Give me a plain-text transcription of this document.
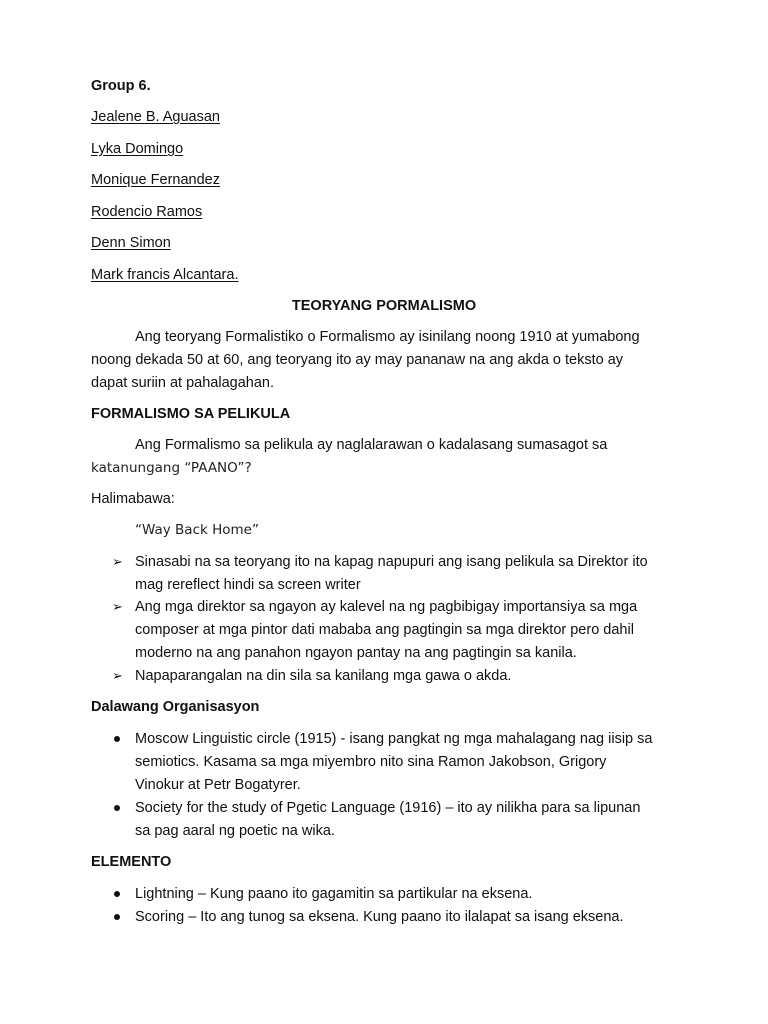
Group 6.
Jealene B. Aguasan
Lyka Domingo
Monique Fernandez
Rodencio Ramos
Denn Simon
Mark francis Alcantara.
TEORYANG PORMALISMO
Ang teoryang Formalistiko o Formalismo ay isinilang noong 1910 at yumabong
noong dekada 50 at 60, ang teoryang ito ay may pananaw na ang akda o teksto ay
dapat suriin at pahalagahan.
FORMALISMO SA PELIKULA
Ang Formalismo sa pelikula ay naglalarawan o kadalasang sumasagot sa
katanungang “PAANO”?
Halimabawa:
“Way Back Home”
➢ Sinasabi na sa teoryang ito na kapag napupuri ang isang pelikula sa Direktor ito
mag rereflect hindi sa screen writer
➢ Ang mga direktor sa ngayon ay kalevel na ng pagbibigay importansiya sa mga
composer at mga pintor dati mababa ang pagtingin sa mga direktor pero dahil
moderno na ang panahon ngayon pantay na ang pagtingin sa kanila.
➢ Napaparangalan na din sila sa kanilang mga gawa o akda.
Dalawang Organisasyon
Moscow Linguistic circle (1915) - isang pangkat ng mga mahalagang nag iisip sa
semiotics. Kasama sa mga miyembro nito sina Ramon Jakobson, Grigory
Vinokur at Petr Bogatyrer.
Society for the study of Pgetic Language (1916) – ito ay nilikha para sa lipunan
sa pag aaral ng poetic na wika.
ELEMENTO
Lightning – Kung paano ito gagamitin sa partikular na eksena.
Scoring – Ito ang tunog sa eksena. Kung paano ito ilalapat sa isang eksena.
